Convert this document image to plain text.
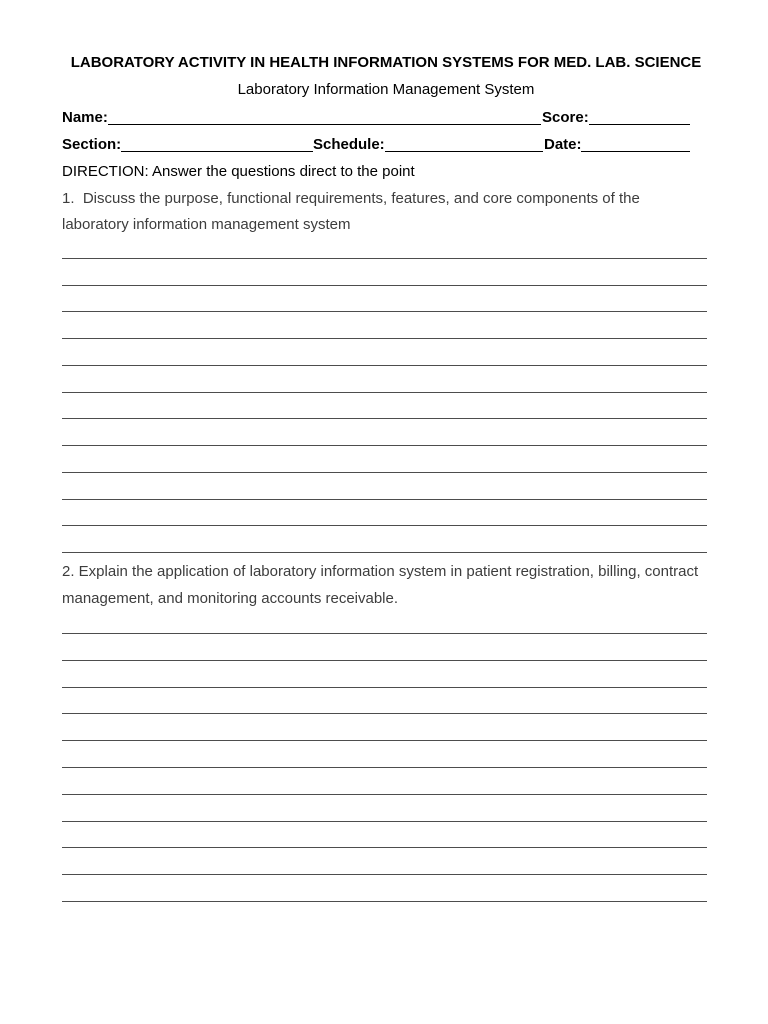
LABORATORY ACTIVITY IN HEALTH INFORMATION SYSTEMS FOR MED. LAB. SCIENCE
Laboratory Information Management System
Name:	Score:
Section:	Schedule:	Date:
DIRECTION: Answer the questions direct to the point
1.  Discuss the purpose, functional requirements, features, and core components of the
laboratory information management system
2. Explain the application of laboratory information system in patient registration, billing, contract
management, and monitoring accounts receivable.
